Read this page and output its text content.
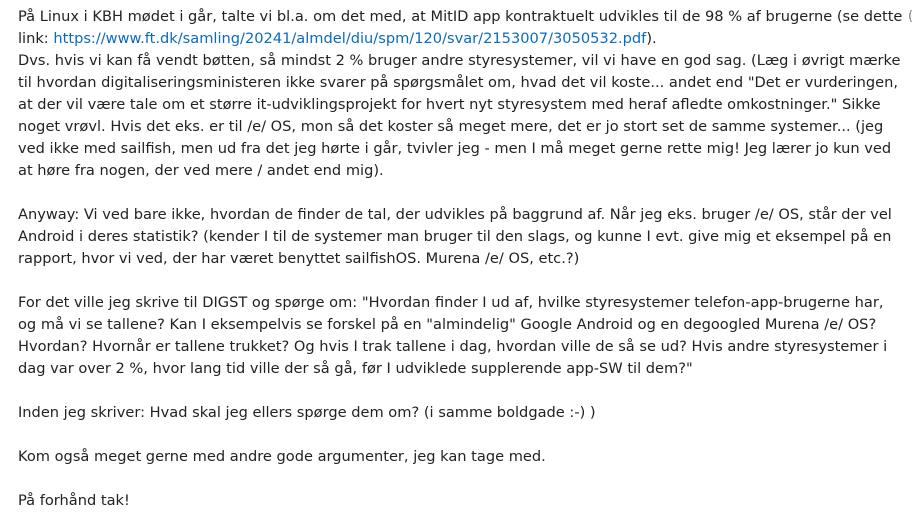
På Linux i KBH mødet i går, talte vi bl.a. om det med, at MitID app kontraktuelt udvikles til de 98 % af brugerne (se dette link: https://www.ft.dk/samling/20241/almdel/diu/spm/120/svar/2153007/3050532.pdf).
Dvs. hvis vi kan få vendt bøtten, så mindst 2 % bruger andre styresystemer, vil vi have en god sag. (Læg i øvrigt mærke til hvordan digitaliseringsministeren ikke svarer på spørgsmålet om, hvad det vil koste... andet end "Det er vurderingen, at der vil være tale om et større it-udviklingsprojekt for hvert nyt styresystem med heraf afledte omkostninger." Sikke noget vrøvl. Hvis det eks. er til /e/ OS, mon så det koster så meget mere, det er jo stort set de samme systemer... (jeg ved ikke med sailfish, men ud fra det jeg hørte i går, tvivler jeg - men I må meget gerne rette mig! Jeg lærer jo kun ved at høre fra nogen, der ved mere / andet end mig).

Anyway: Vi ved bare ikke, hvordan de finder de tal, der udvikles på baggrund af. Når jeg eks. bruger /e/ OS, står der vel Android i deres statistik? (kender I til de systemer man bruger til den slags, og kunne I evt. give mig et eksempel på en rapport, hvor vi ved, der har været benyttet sailfishOS. Murena /e/ OS, etc.?)

For det ville jeg skrive til DIGST og spørge om: "Hvordan finder I ud af, hvilke styresystemer telefon-app-brugerne har, og må vi se tallene? Kan I eksempelvis se forskel på en "almindelig" Google Android og en degoogled Murena /e/ OS? Hvordan? Hvornår er tallene trukket? Og hvis I trak tallene i dag, hvordan ville de så se ud? Hvis andre styresystemer i dag var over 2 %, hvor lang tid ville der så gå, før I udviklede supplerende app-SW til dem?"

Inden jeg skriver: Hvad skal jeg ellers spørge dem om? (i samme boldgade :-) )

Kom også meget gerne med andre gode argumenter, jeg kan tage med.

På forhånd tak!

(
